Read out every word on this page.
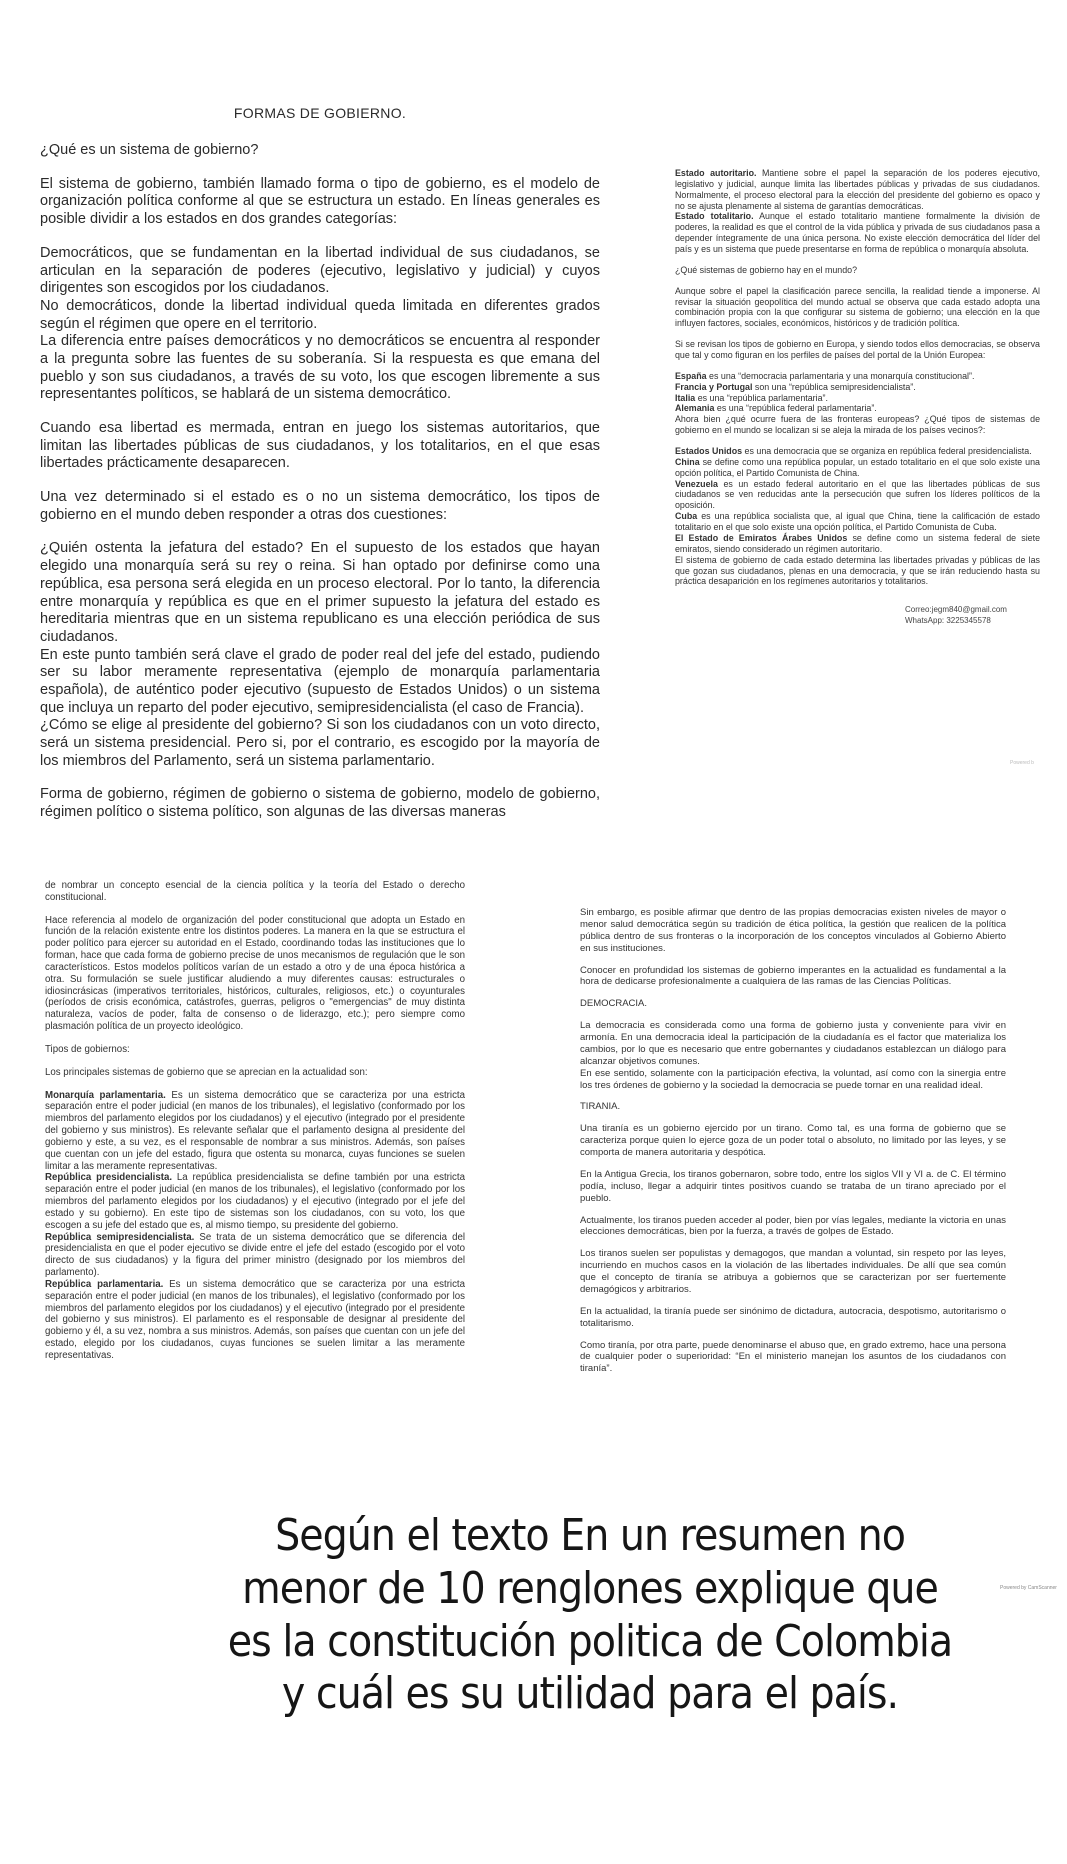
FORMAS DE GOBIERNO.

¿Qué es un sistema de gobierno?

El sistema de gobierno, también llamado forma o tipo de gobierno, es el modelo de organización política conforme al que se estructura un estado. En líneas generales es posible dividir a los estados en dos grandes categorías:

Democráticos, que se fundamentan en la libertad individual de sus ciudadanos, se articulan en la separación de poderes (ejecutivo, legislativo y judicial) y cuyos dirigentes son escogidos por los ciudadanos.
No democráticos, donde la libertad individual queda limitada en diferentes grados según el régimen que opere en el territorio.
La diferencia entre países democráticos y no democráticos se encuentra al responder a la pregunta sobre las fuentes de su soberanía. Si la respuesta es que emana del pueblo y son sus ciudadanos, a través de su voto, los que escogen libremente a sus representantes políticos, se hablará de un sistema democrático.

Cuando esa libertad es mermada, entran en juego los sistemas autoritarios, que limitan las libertades públicas de sus ciudadanos, y los totalitarios, en el que esas libertades prácticamente desaparecen.

Una vez determinado si el estado es o no un sistema democrático, los tipos de gobierno en el mundo deben responder a otras dos cuestiones:

¿Quién ostenta la jefatura del estado? En el supuesto de los estados que hayan elegido una monarquía será su rey o reina. Si han optado por definirse como una república, esa persona será elegida en un proceso electoral. Por lo tanto, la diferencia entre monarquía y república es que en el primer supuesto la jefatura del estado es hereditaria mientras que en un sistema republicano es una elección periódica de sus ciudadanos.
En este punto también será clave el grado de poder real del jefe del estado, pudiendo ser su labor meramente representativa (ejemplo de monarquía parlamentaria española), de auténtico poder ejecutivo (supuesto de Estados Unidos) o un sistema que incluya un reparto del poder ejecutivo, semipresidencialista (el caso de Francia).
¿Cómo se elige al presidente del gobierno? Si son los ciudadanos con un voto directo, será un sistema presidencial. Pero si, por el contrario, es escogido por la mayoría de los miembros del Parlamento, será un sistema parlamentario.

Forma de gobierno, régimen de gobierno o sistema de gobierno, modelo de gobierno, régimen político o sistema político, son algunas de las diversas maneras

Estado autoritario. Mantiene sobre el papel la separación de los poderes ejecutivo, legislativo y judicial, aunque limita las libertades públicas y privadas de sus ciudadanos. Normalmente, el proceso electoral para la elección del presidente del gobierno es opaco y no se ajusta plenamente al sistema de garantías democráticas.

Estado totalitario. Aunque el estado totalitario mantiene formalmente la división de poderes, la realidad es que el control de la vida pública y privada de sus ciudadanos pasa a depender íntegramente de una única persona. No existe elección democrática del líder del país y es un sistema que puede presentarse en forma de república o monarquía absoluta.

¿Qué sistemas de gobierno hay en el mundo?

Aunque sobre el papel la clasificación parece sencilla, la realidad tiende a imponerse. Al revisar la situación geopolítica del mundo actual se observa que cada estado adopta una combinación propia con la que configurar su sistema de gobierno; una elección en la que influyen factores, sociales, económicos, históricos y de tradición política.

Si se revisan los tipos de gobierno en Europa, y siendo todos ellos democracias, se observa que tal y como figuran en los perfiles de países del portal de la Unión Europea:

España es una “democracia parlamentaria y una monarquía constitucional”.
Francia y Portugal son una “república semipresidencialista”.
Italia es una “república parlamentaria”.
Alemania es una “república federal parlamentaria”.
Ahora bien ¿qué ocurre fuera de las fronteras europeas? ¿Qué tipos de sistemas de gobierno en el mundo se localizan si se aleja la mirada de los países vecinos?:

Estados Unidos es una democracia que se organiza en república federal presidencialista.
China se define como una república popular, un estado totalitario en el que solo existe una opción política, el Partido Comunista de China.
Venezuela es un estado federal autoritario en el que las libertades públicas de sus ciudadanos se ven reducidas ante la persecución que sufren los líderes políticos de la oposición.
Cuba es una república socialista que, al igual que China, tiene la calificación de estado totalitario en el que solo existe una opción política, el Partido Comunista de Cuba.
El Estado de Emiratos Árabes Unidos se define como un sistema federal de siete emiratos, siendo considerado un régimen autoritario.
El sistema de gobierno de cada estado determina las libertades privadas y públicas de las que gozan sus ciudadanos, plenas en una democracia, y que se irán reduciendo hasta su práctica desaparición en los regímenes autoritarios y totalitarios.

Correo:jegm840@gmail.com
WhatsApp: 3225345578
Powered b

de nombrar un concepto esencial de la ciencia política y la teoría del Estado o derecho constitucional.

Hace referencia al modelo de organización del poder constitucional que adopta un Estado en función de la relación existente entre los distintos poderes. La manera en la que se estructura el poder político para ejercer su autoridad en el Estado, coordinando todas las instituciones que lo forman, hace que cada forma de gobierno precise de unos mecanismos de regulación que le son característicos. Estos modelos políticos varían de un estado a otro y de una época histórica a otra. Su formulación se suele justificar aludiendo a muy diferentes causas: estructurales o idiosincrásicas (imperativos territoriales, históricos, culturales, religiosos, etc.) o coyunturales (períodos de crisis económica, catástrofes, guerras, peligros o "emergencias" de muy distinta naturaleza, vacíos de poder, falta de consenso o de liderazgo, etc.); pero siempre como plasmación política de un proyecto ideológico.

Tipos de gobiernos:

Los principales sistemas de gobierno que se aprecian en la actualidad son:

Monarquía parlamentaria. Es un sistema democrático que se caracteriza por una estricta separación entre el poder judicial (en manos de los tribunales), el legislativo (conformado por los miembros del parlamento elegidos por los ciudadanos) y el ejecutivo (integrado por el presidente del gobierno y sus ministros). Es relevante señalar que el parlamento designa al presidente del gobierno y este, a su vez, es el responsable de nombrar a sus ministros. Además, son países que cuentan con un jefe del estado, figura que ostenta su monarca, cuyas funciones se suelen limitar a las meramente representativas.
República presidencialista. La república presidencialista se define también por una estricta separación entre el poder judicial (en manos de los tribunales), el legislativo (conformado por los miembros del parlamento elegidos por los ciudadanos) y el ejecutivo (integrado por el jefe del estado y su gobierno). En este tipo de sistemas son los ciudadanos, con su voto, los que escogen a su jefe del estado que es, al mismo tiempo, su presidente del gobierno.
República semipresidencialista. Se trata de un sistema democrático que se diferencia del presidencialista en que el poder ejecutivo se divide entre el jefe del estado (escogido por el voto directo de sus ciudadanos) y la figura del primer ministro (designado por los miembros del parlamento).
República parlamentaria. Es un sistema democrático que se caracteriza por una estricta separación entre el poder judicial (en manos de los tribunales), el legislativo (conformado por los miembros del parlamento elegidos por los ciudadanos) y el ejecutivo (integrado por el presidente del gobierno y sus ministros). El parlamento es el responsable de designar al presidente del gobierno y él, a su vez, nombra a sus ministros. Además, son países que cuentan con un jefe del estado, elegido por los ciudadanos, cuyas funciones se suelen limitar a las meramente representativas.

Sin embargo, es posible afirmar que dentro de las propias democracias existen niveles de mayor o menor salud democrática según su tradición de ética política, la gestión que realicen de la política pública dentro de sus fronteras o la incorporación de los conceptos vinculados al Gobierno Abierto en sus instituciones.

Conocer en profundidad los sistemas de gobierno imperantes en la actualidad es fundamental a la hora de dedicarse profesionalmente a cualquiera de las ramas de las Ciencias Políticas.

DEMOCRACIA.

La democracia es considerada como una forma de gobierno justa y conveniente para vivir en armonía. En una democracia ideal la participación de la ciudadanía es el factor que materializa los cambios, por lo que es necesario que entre gobernantes y ciudadanos establezcan un diálogo para alcanzar objetivos comunes.
En ese sentido, solamente con la participación efectiva, la voluntad, así como con la sinergia entre los tres órdenes de gobierno y la sociedad la democracia se puede tornar en una realidad ideal.

TIRANIA.

Una tiranía es un gobierno ejercido por un tirano. Como tal, es una forma de gobierno que se caracteriza porque quien lo ejerce goza de un poder total o absoluto, no limitado por las leyes, y se comporta de manera autoritaria y despótica.

En la Antigua Grecia, los tiranos gobernaron, sobre todo, entre los siglos VII y VI a. de C. El término podía, incluso, llegar a adquirir tintes positivos cuando se trataba de un tirano apreciado por el pueblo.

Actualmente, los tiranos pueden acceder al poder, bien por vías legales, mediante la victoria en unas elecciones democráticas, bien por la fuerza, a través de golpes de Estado.

Los tiranos suelen ser populistas y demagogos, que mandan a voluntad, sin respeto por las leyes, incurriendo en muchos casos en la violación de las libertades individuales. De allí que sea común que el concepto de tiranía se atribuya a gobiernos que se caracterizan por ser fuertemente demagógicos y arbitrarios.

En la actualidad, la tiranía puede ser sinónimo de dictadura, autocracia, despotismo, autoritarismo o totalitarismo.

Como tiranía, por otra parte, puede denominarse el abuso que, en grado extremo, hace una persona de cualquier poder o superioridad: “En el ministerio manejan los asuntos de los ciudadanos con tiranía”.

Según el texto En un resumen no
menor de 10 renglones explique que
es la constitución politica de Colombia
y cuál es su utilidad para el país.
Powered by CamScanner
